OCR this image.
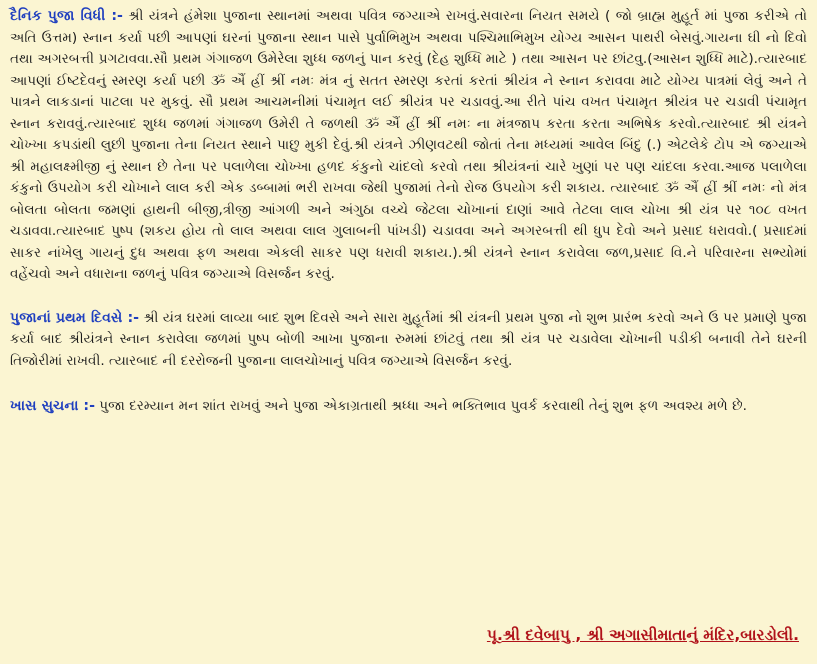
દૈનિક પુજા વિધી :- શ્રી યંત્રને હંમેશા પુજાના સ્થાનમાં અથવા પવિત્ર જગ્યાએ રાખવું.સવારના નિયત સમયે ( જો બ્રાહ્મ મુહૂર્ત માં પુજા કરીએ તો અતિ ઉત્તમ) સ્નાન કર્યા પછી આપણાં ઘરનાં પુજાના સ્થાન પાસે પુર્વાભિમુખ અથવા પશ્ચિમાભિમુખ યોગ્ય આસન પાથરી બેસવું.ગાયના ઘી નો દિવો તથા અગરબત્તી પ્રગટાવવા.સૌ પ્રથમ ગંગાજળ ઉમેરેલા શુધ્ધ જળનું પાન કરવું (દેહ શુધ્ધિ માટે ) તથા આસન પર છાંટવુ.(આસન શુધ્ધિ માટે).ત્યારબાદ આપણાં ઈષ્ટદેવનું સ્મરણ કર્યા પછી ૐ ઐં હ્રીં શ્રીં નમઃ મંત્ર નું સતત સ્મરણ કરતાં કરતાં શ્રીયંત્ર ને સ્નાન કરાવવા માટે યોગ્ય પાત્રમાં લેવું અને તે પાત્રને લાકડાનાં પાટલા પર મુકવું. સૌ પ્રથમ આચમનીમાં પંચામૃત લઈ શ્રીયંત્ર પર ચડાવવું.આ રીતે પાંચ વખત પંચામૃત શ્રીયંત્ર પર ચડાવી પંચામૃત સ્નાન કરાવવું.ત્યારબાદ શુધ્ધ જળમાં ગંગાજળ ઉમેરી તે જળથી ૐ ઐં હ્રીં શ્રીં નમઃ ના મંત્રજાપ કરતા કરતા અભિષેક કરવો.ત્યારબાદ શ્રી યંત્રને ચોખ્ખા કપડાંથી લુછી પુજાના તેના નિયત સ્થાને પાછુ મુકી દેવું.શ્રી યંત્રને ઝીણવટથી જોતાં તેના મધ્યમાં આવેલ બિંદુ (.) એટલેકે ટોપ એ જગ્યાએ શ્રી મહાલક્ષ્મીજી નું સ્થાન છે તેના પર પલાળેલા ચોખ્ખા હળદ કંકુનો ચાંદલો કરવો તથા શ્રીયંત્રનાં ચારે ખુણાં પર પણ ચાંદલા કરવા.આજ પલાળેલા કંકુનો ઉપયોગ કરી ચોખાને લાલ કરી એક ડબ્બામાં ભરી રાખવા જેથી પુજામાં તેનો રોજ ઉપયોગ કરી શકાય. ત્યારબાદ ૐ ઐં હ્રીં શ્રીં નમઃ નો મંત્ર બોલતા બોલતા જમણાં હાથની બીજી,ત્રીજી આંગળી અને અંગુઠા વચ્ચે જેટલા ચોખાનાં દાણાં આવે તેટલા લાલ ચોખા શ્રી યંત્ર પર ૧૦૮ વખત ચડાવવા.ત્યારબાદ પુષ્પ (શકય હોય તો લાલ અથવા લાલ ગુલાબની પાંખડી) ચડાવવા અને અગરબત્તી થી ધુપ દેવો અને પ્રસાદ ધરાવવો.( પ્રસાદમાં સાકર નાંખેલુ ગાયનું દુધ અથવા ફળ અથવા એકલી સાકર પણ ધરાવી શકાય.).શ્રી યંત્રને સ્નાન કરાવેલા જળ,પ્રસાદ વિ.ને પરિવારના સભ્યોમાં વહેંચવો અને વધારાના જળનું પવિત્ર જગ્યાએ વિસર્જન કરવું.

પુજાનાં પ્રથમ દિવસે :- શ્રી યંત્ર ઘરમાં લાવ્યા બાદ શુભ દિવસે અને સારા મુહૂર્તમાં શ્રી યંત્રની પ્રથમ પુજા નો શુભ પ્રારંભ કરવો અને ઉ પર પ્રમાણે પુજા કર્યા બાદ શ્રીયંત્રને સ્નાન કરાવેલા જળમાં પુષ્પ બોળી આખા પુજાના રુમમાં છાંટવું તથા શ્રી યંત્ર પર ચડાવેલા ચોખાની પડીકી બનાવી તેને ઘરની તિજોરીમાં રાખવી. ત્યારબાદ ની દરરોજની પુજાના લાલચોખાનું પવિત્ર જગ્યાએ વિસર્જન કરવું.

ખાસ સુચના :- પુજા દરમ્યાન મન શાંત રાખવું અને પુજા એકાગ્રતાથી શ્રધ્ધા અને ભક્તિભાવ પુવર્ક કરવાથી તેનું શુભ ફળ અવશ્ય મળે છે.

પૂ.શ્રી દવેબાપુ , શ્રી અગાસીમાતાનું મંદિર,બારડોલી.
